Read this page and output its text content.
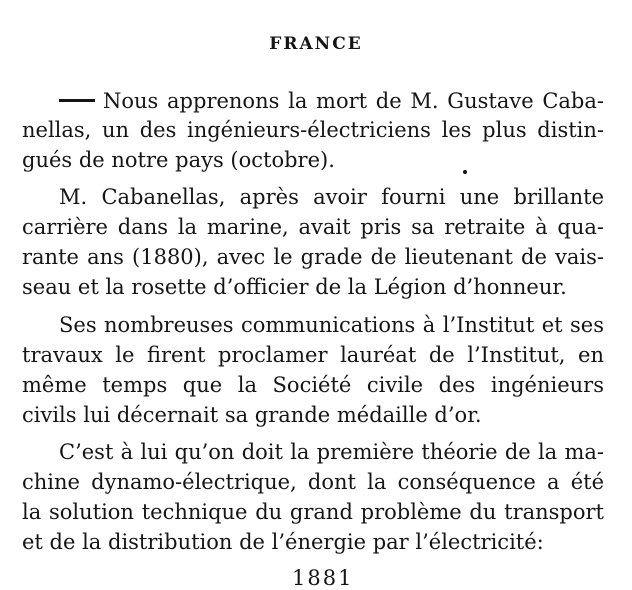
FRANCE
Nous apprenons la mort de M. Gustave Caba-
nellas, un des ingénieurs-électriciens les plus distin-
gués de notre pays (octobre).
M. Cabanellas, après avoir fourni une brillante
carrière dans la marine, avait pris sa retraite à qua-
rante ans (1880), avec le grade de lieutenant de vais-
seau et la rosette d’officier de la Légion d’honneur.
Ses nombreuses communications à l’Institut et ses
travaux le firent proclamer lauréat de l’Institut, en
même temps que la Société civile des ingénieurs
civils lui décernait sa grande médaille d’or.
C’est à lui qu’on doit la première théorie de la ma-
chine dynamo-électrique, dont la conséquence a été
la solution technique du grand problème du transport
et de la distribution de l’énergie par l’électricité:
1881
